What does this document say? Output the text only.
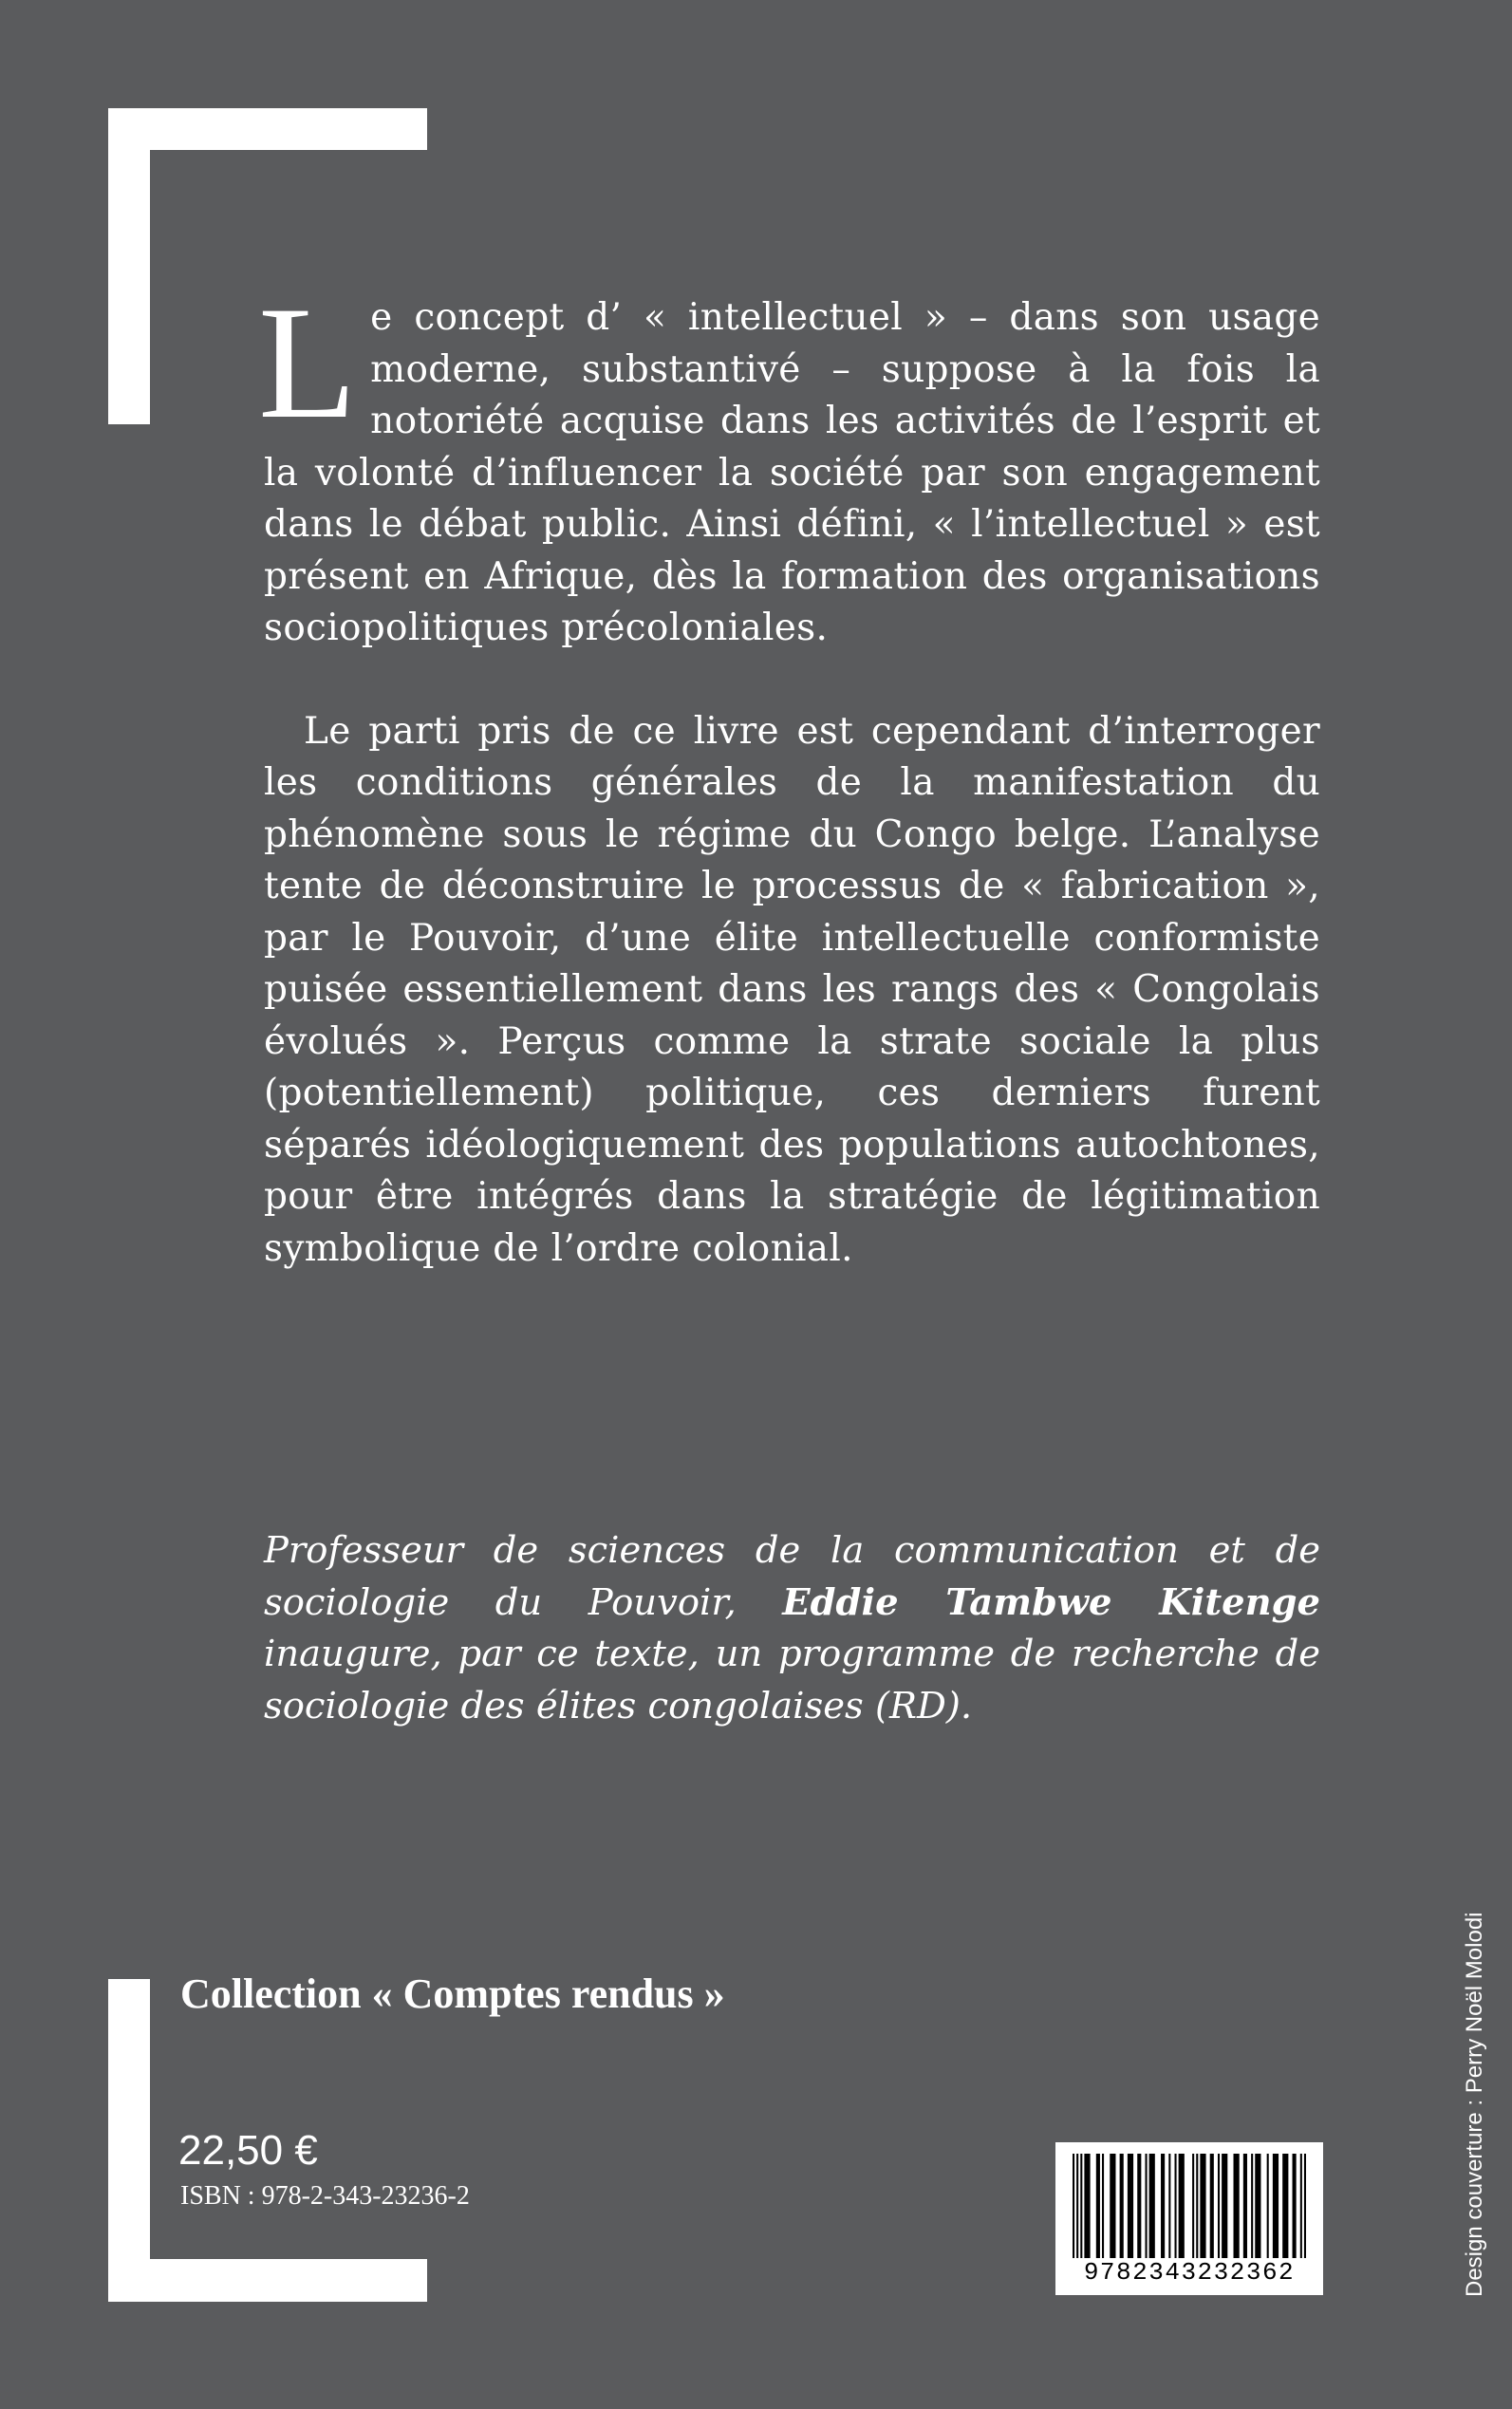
Le concept d’ « intellectuel » – dans son usage moderne, substantivé – suppose à la fois la notoriété acquise dans les activités de l’esprit et la volonté d’influencer la société par son engagement dans le débat public. Ainsi défini, « l’intellectuel » est présent en Afrique, dès la formation des organisations sociopolitiques précoloniales.

Le parti pris de ce livre est cependant d’interroger les conditions générales de la manifestation du phénomène sous le régime du Congo belge. L’analyse tente de déconstruire le processus de « fabrication », par le Pouvoir, d’une élite intellectuelle conformiste puisée essentiellement dans les rangs des « Congolais évolués ». Perçus comme la strate sociale la plus (potentiellement) politique, ces derniers furent séparés idéologiquement des populations autochtones, pour être intégrés dans la stratégie de légitimation symbolique de l’ordre colonial.

Professeur de sciences de la communication et de sociologie du Pouvoir, Eddie Tambwe Kitenge inaugure, par ce texte, un programme de recherche de sociologie des élites congolaises (RD).
Collection « Comptes rendus »
22,50 €
ISBN : 978-2-343-23236-2
9782343232362	Design couverture : Perry Noël Molodi
